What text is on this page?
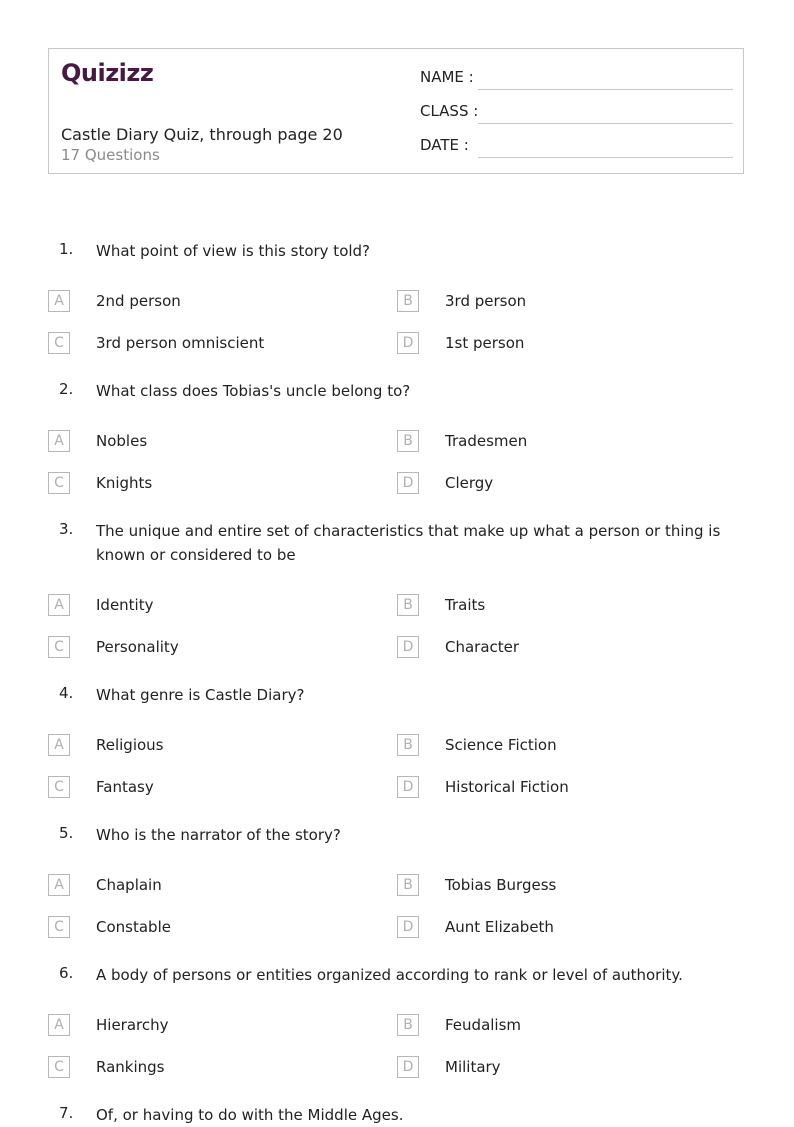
Quizizz
Castle Diary Quiz, through page 20
17 Questions
NAME :
CLASS :
DATE :
1. What point of view is this story told?
A	2nd person	B	3rd person
C	3rd person omniscient	D	1st person
2. What class does Tobias's uncle belong to?
A	Nobles	B	Tradesmen
C	Knights	D	Clergy
3. The unique and entire set of characteristics that make up what a person or thing is known or considered to be
A	Identity	B	Traits
C	Personality	D	Character
4. What genre is Castle Diary?
A	Religious	B	Science Fiction
C	Fantasy	D	Historical Fiction
5. Who is the narrator of the story?
A	Chaplain	B	Tobias Burgess
C	Constable	D	Aunt Elizabeth
6. A body of persons or entities organized according to rank or level of authority.
A	Hierarchy	B	Feudalism
C	Rankings	D	Military
7. Of, or having to do with the Middle Ages.
